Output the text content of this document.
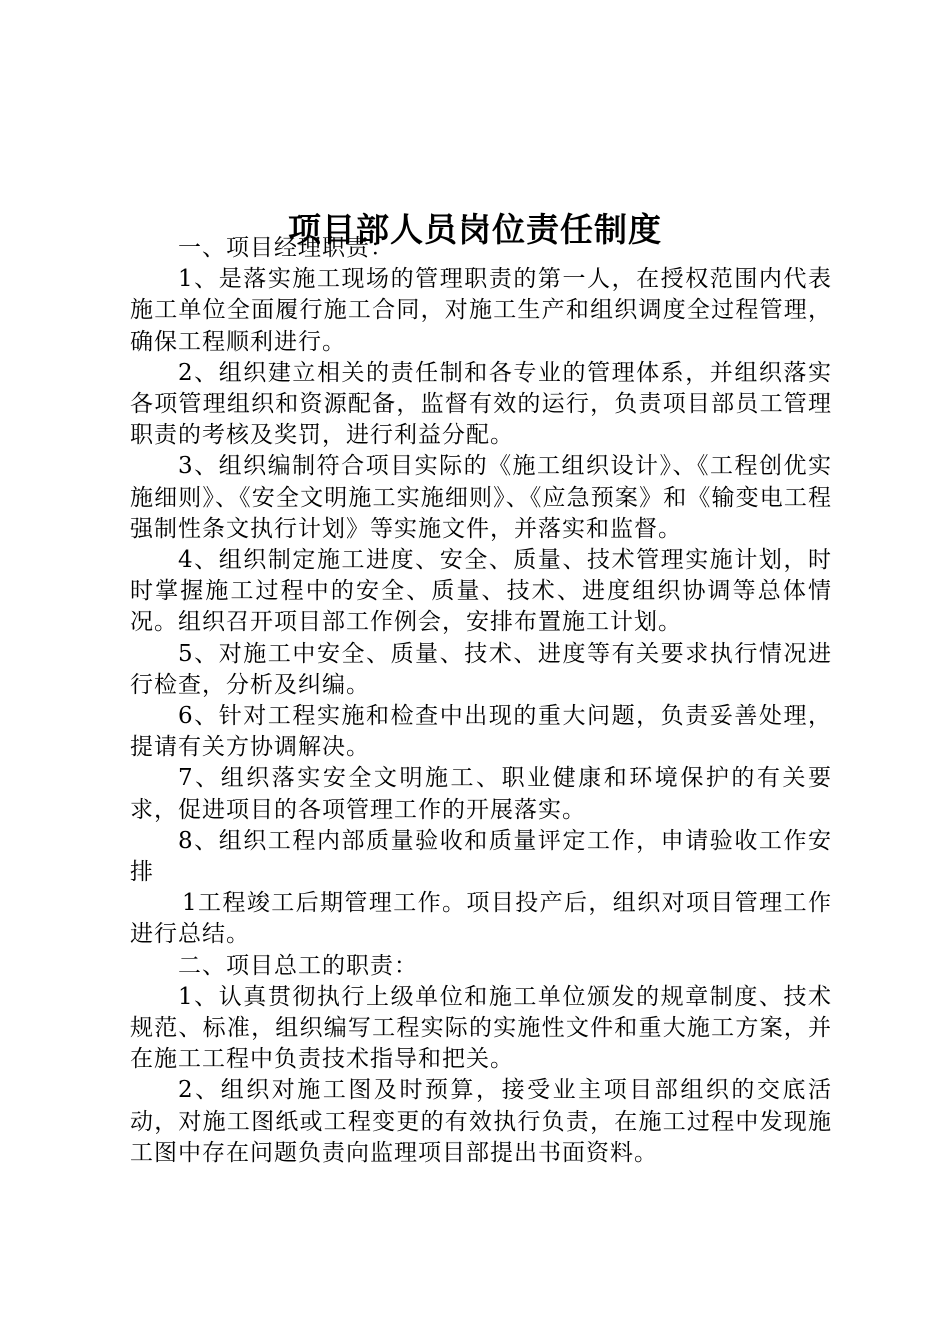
项目部人员岗位责任制度

一、项目经理职责：

1、是落实施工现场的管理职责的第一人，在授权范围内代表施工单位全面履行施工合同，对施工生产和组织调度全过程管理，确保工程顺利进行。

2、组织建立相关的责任制和各专业的管理体系，并组织落实各项管理组织和资源配备，监督有效的运行，负责项目部员工管理职责的考核及奖罚，进行利益分配。

3、组织编制符合项目实际的《施工组织设计》、《工程创优实施细则》、《安全文明施工实施细则》、《应急预案》和《输变电工程强制性条文执行计划》等实施文件，并落实和监督。

4、组织制定施工进度、安全、质量、技术管理实施计划，时时掌握施工过程中的安全、质量、技术、进度组织协调等总体情况。组织召开项目部工作例会，安排布置施工计划。

5、对施工中安全、质量、技术、进度等有关要求执行情况进行检查，分析及纠编。

6、针对工程实施和检查中出现的重大问题，负责妥善处理，提请有关方协调解决。

7、组织落实安全文明施工、职业健康和环境保护的有关要求，促进项目的各项管理工作的开展落实。

8、组织工程内部质量验收和质量评定工作，申请验收工作安排

1工程竣工后期管理工作。项目投产后，组织对项目管理工作进行总结。

二、项目总工的职责：

1、认真贯彻执行上级单位和施工单位颁发的规章制度、技术规范、标准，组织编写工程实际的实施性文件和重大施工方案，并在施工工程中负责技术指导和把关。

2、组织对施工图及时预算，接受业主项目部组织的交底活动，对施工图纸或工程变更的有效执行负责，在施工过程中发现施工图中存在问题负责向监理项目部提出书面资料。
